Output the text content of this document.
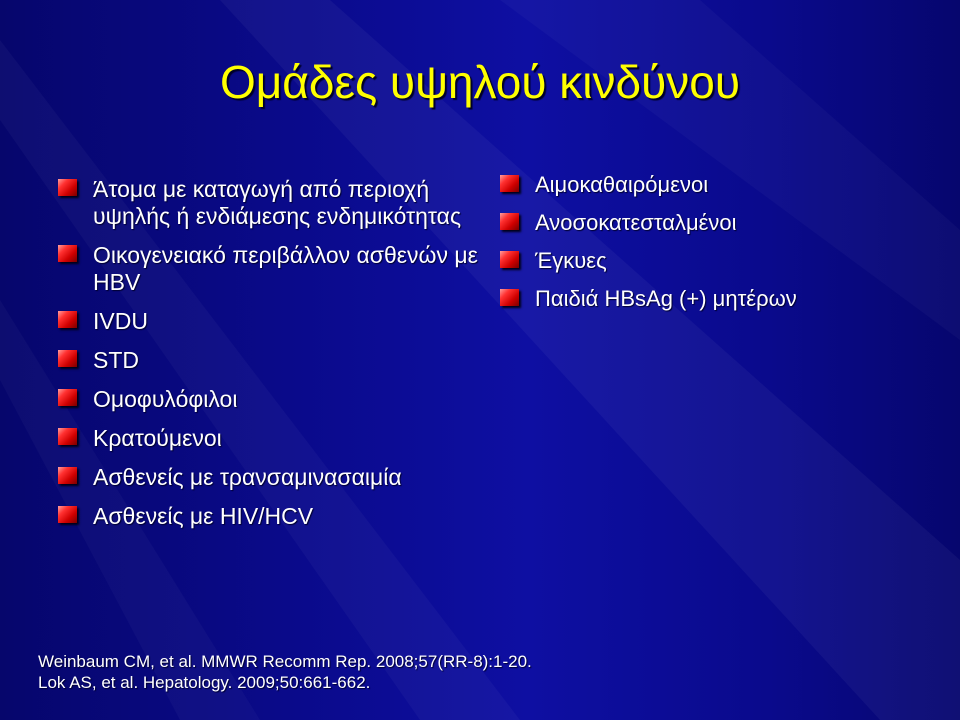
Ομάδες υψηλού κινδύνου
Άτομα με καταγωγή από περιοχή υψηλής ή ενδιάμεσης ενδημικότητας
Οικογενειακό περιβάλλον ασθενών με HBV
IVDU
STD
Ομοφυλόφιλοι
Κρατούμενοι
Ασθενείς με τρανσαμινασαιμία
Ασθενείς με HIV/HCV
Αιμοκαθαιρόμενοι
Ανοσοκατεσταλμένοι
Έγκυες
Παιδιά HBsAg (+) μητέρων
Weinbaum CM, et al. MMWR Recomm Rep. 2008;57(RR-8):1-20.
Lok AS, et al. Hepatology. 2009;50:661-662.
